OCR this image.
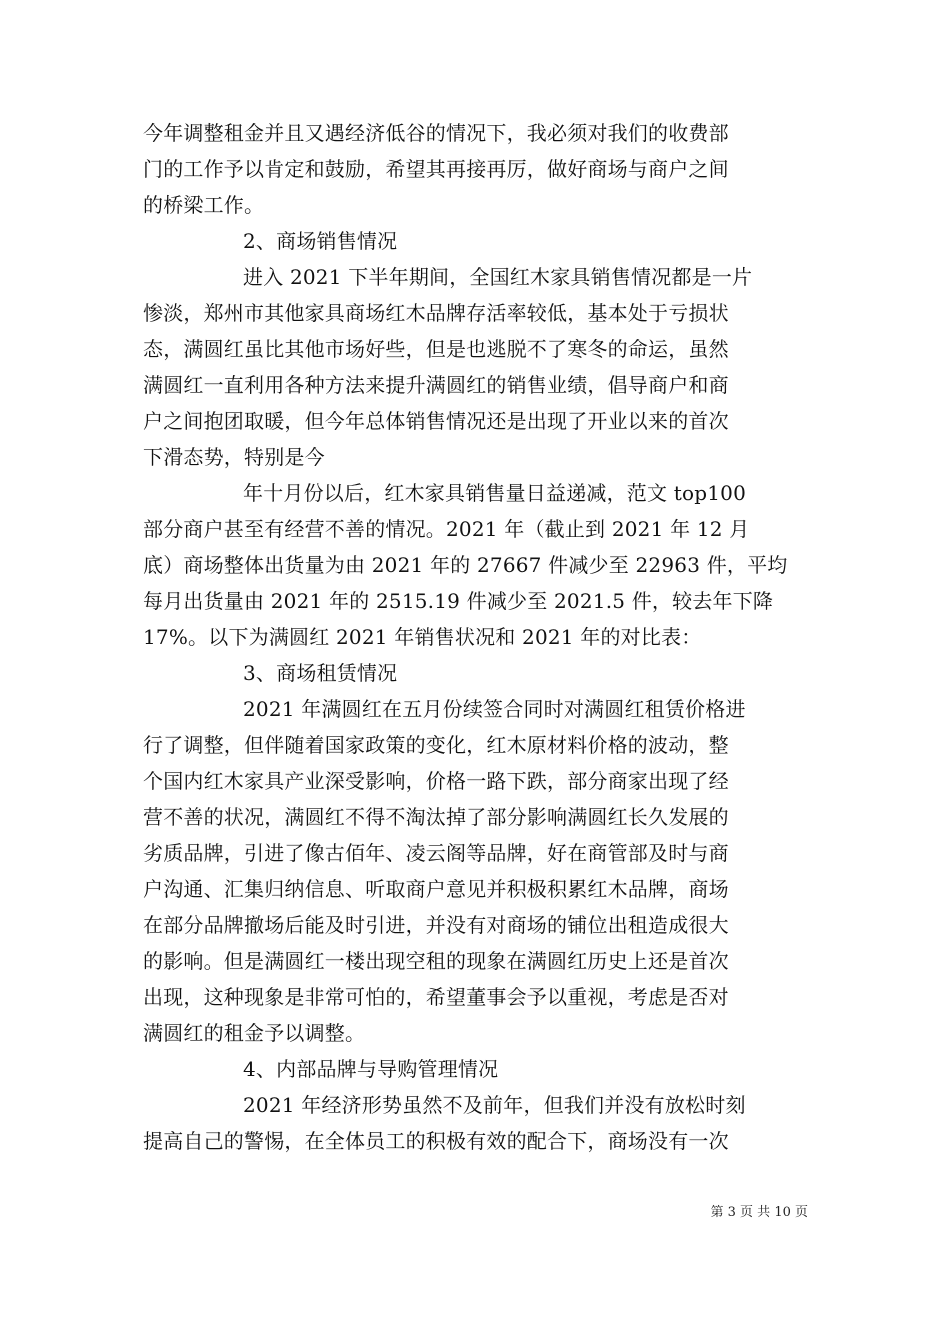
今年调整租金并且又遇经济低谷的情况下，我必须对我们的收费部
门的工作予以肯定和鼓励，希望其再接再厉，做好商场与商户之间
的桥梁工作。
2、商场销售情况
进入 2021 下半年期间，全国红木家具销售情况都是一片
惨淡，郑州市其他家具商场红木品牌存活率较低，基本处于亏损状
态，满圆红虽比其他市场好些，但是也逃脱不了寒冬的命运，虽然
满圆红一直利用各种方法来提升满圆红的销售业绩，倡导商户和商
户之间抱团取暖，但今年总体销售情况还是出现了开业以来的首次
下滑态势，特别是今
年十月份以后，红木家具销售量日益递减，范文 top100
部分商户甚至有经营不善的情况。2021 年（截止到 2021 年 12 月
底）商场整体出货量为由 2021 年的 27667 件减少至 22963 件，平均
每月出货量由 2021 年的 2515.19 件减少至 2021.5 件，较去年下降
17%。以下为满圆红 2021 年销售状况和 2021 年的对比表：
3、商场租赁情况
2021 年满圆红在五月份续签合同时对满圆红租赁价格进
行了调整，但伴随着国家政策的变化，红木原材料价格的波动，整
个国内红木家具产业深受影响，价格一路下跌，部分商家出现了经
营不善的状况，满圆红不得不淘汰掉了部分影响满圆红长久发展的
劣质品牌，引进了像古佰年、凌云阁等品牌，好在商管部及时与商
户沟通、汇集归纳信息、听取商户意见并积极积累红木品牌，商场
在部分品牌撤场后能及时引进，并没有对商场的铺位出租造成很大
的影响。但是满圆红一楼出现空租的现象在满圆红历史上还是首次
出现，这种现象是非常可怕的，希望董事会予以重视，考虑是否对
满圆红的租金予以调整。
4、内部品牌与导购管理情况
2021 年经济形势虽然不及前年，但我们并没有放松时刻
提高自己的警惕，在全体员工的积极有效的配合下，商场没有一次
第 3 页 共 10 页
